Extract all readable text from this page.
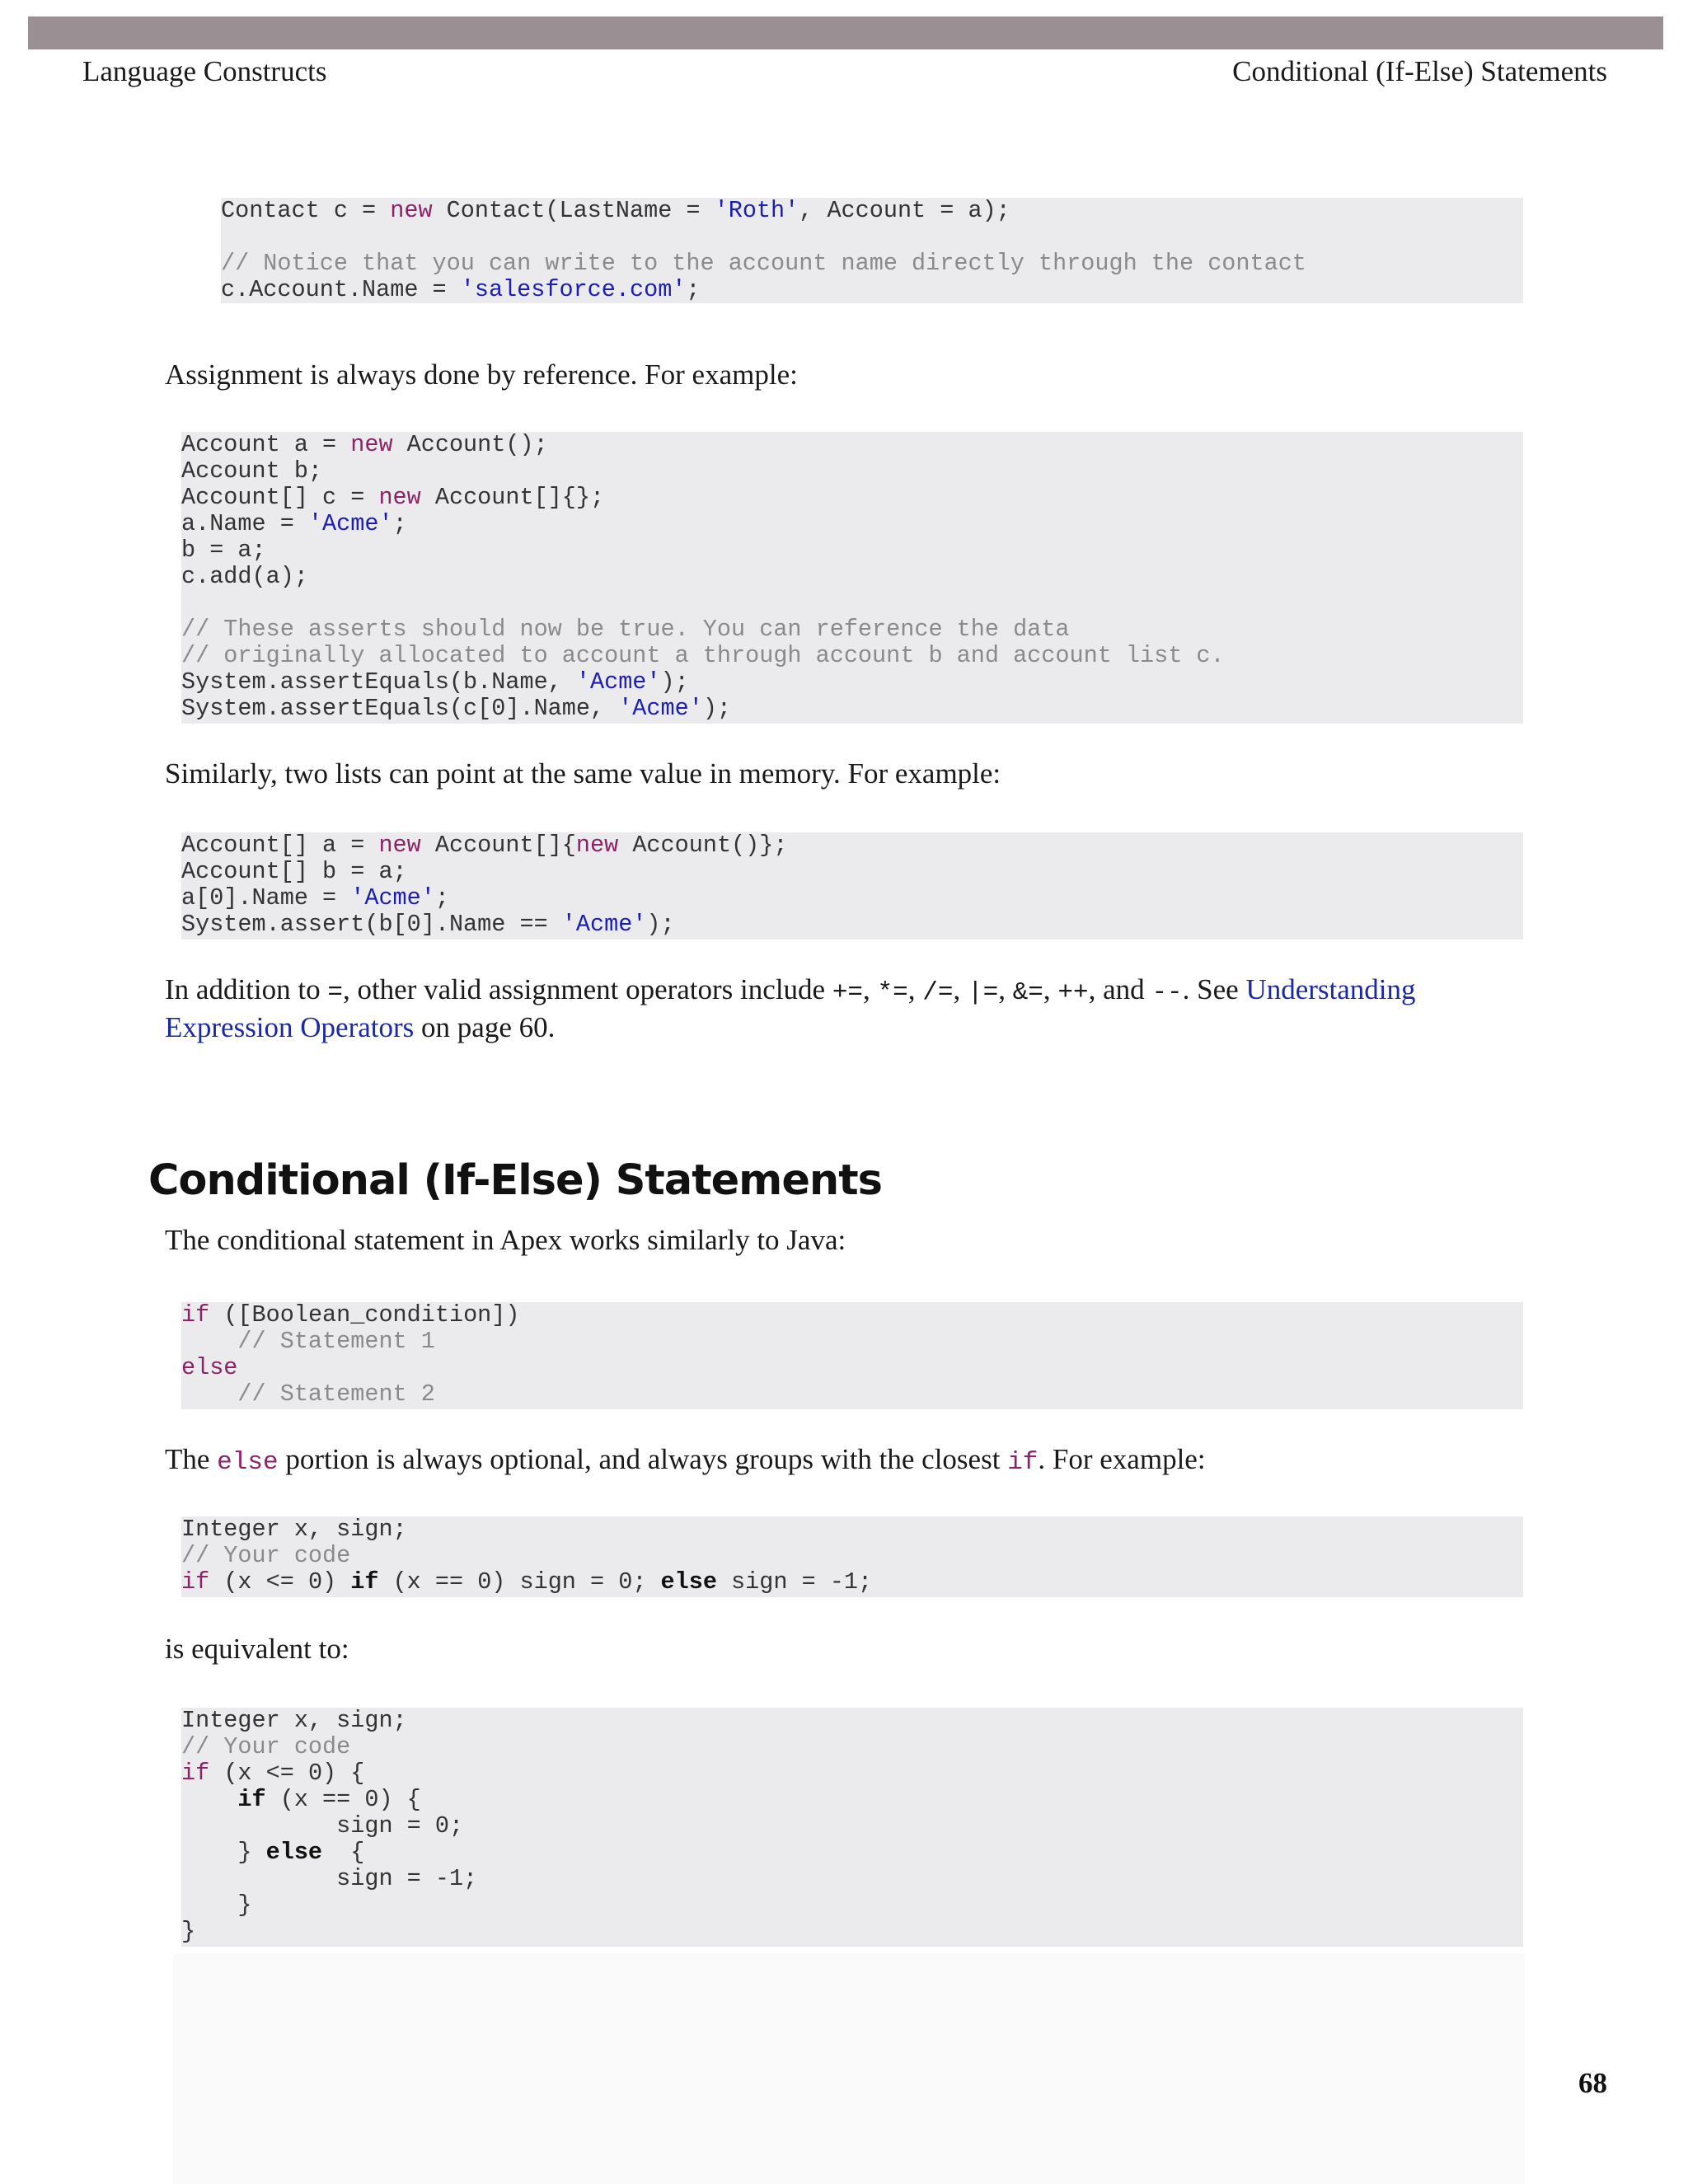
Language Constructs	Conditional (If-Else) Statements
Contact c = new Contact(LastName = 'Roth', Account = a);
// Notice that you can write to the account name directly through the contact
c.Account.Name = 'salesforce.com';
Assignment is always done by reference. For example:
Account a = new Account();
Account b;
Account[] c = new Account[]{};
a.Name = 'Acme';
b = a;
c.add(a);
// These asserts should now be true. You can reference the data
// originally allocated to account a through account b and account list c.
System.assertEquals(b.Name, 'Acme');
System.assertEquals(c[0].Name, 'Acme');
Similarly, two lists can point at the same value in memory. For example:
Account[] a = new Account[]{new Account()};
Account[] b = a;
a[0].Name = 'Acme';
System.assert(b[0].Name == 'Acme');
In addition to =, other valid assignment operators include +=, *=, /=, |=, &=, ++, and --. See Understanding Expression Operators on page 60.
Conditional (If-Else) Statements
The conditional statement in Apex works similarly to Java:
if ([Boolean_condition])
// Statement 1
else
// Statement 2
The else portion is always optional, and always groups with the closest if. For example:
Integer x, sign;
// Your code
if (x <= 0) if (x == 0) sign = 0; else sign = -1;
is equivalent to:
Integer x, sign;
// Your code
if (x <= 0) {
if (x == 0) {
sign = 0;
} else  {
sign = -1;
}
}
68
